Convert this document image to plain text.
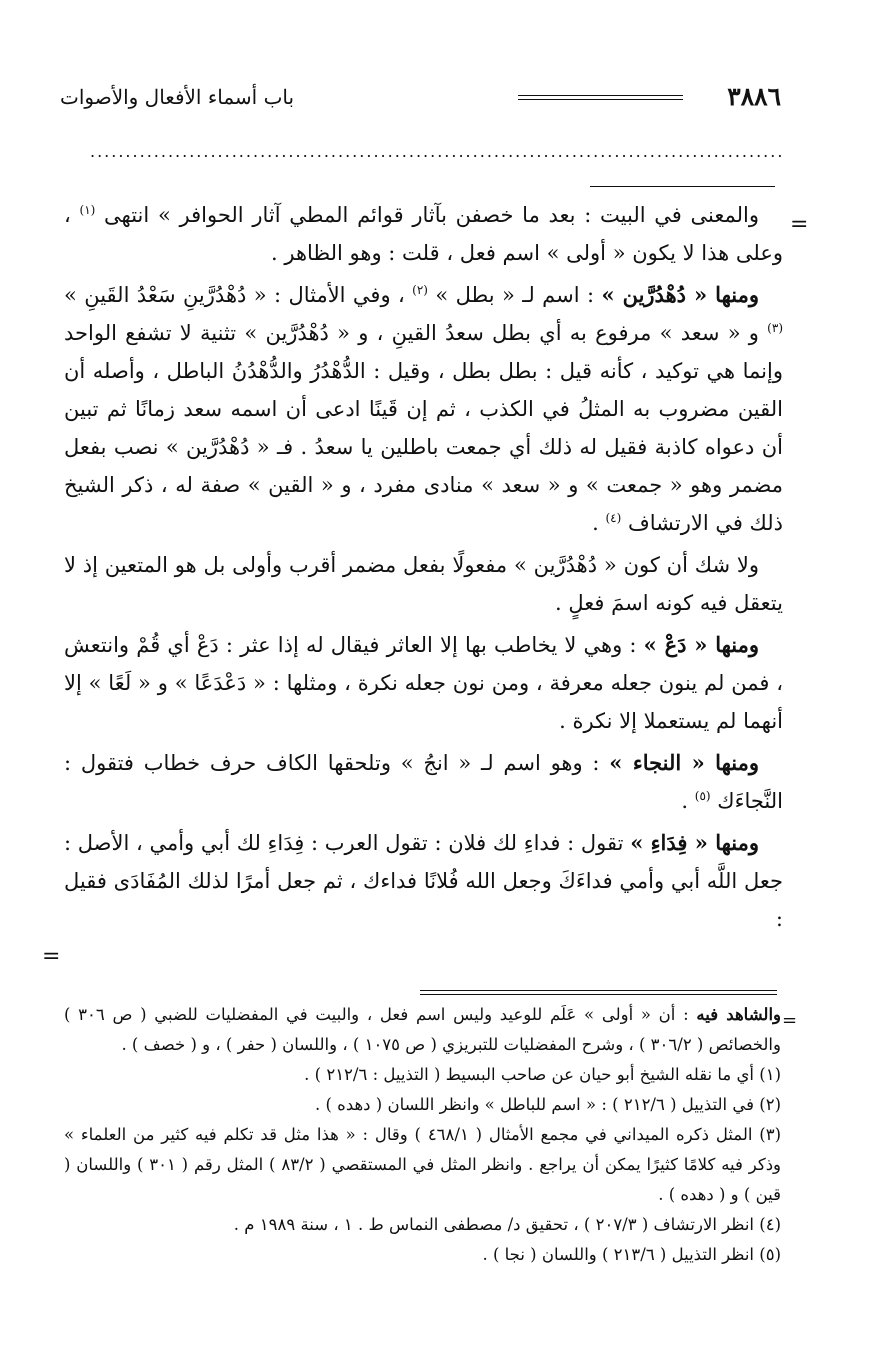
٣٨٨٦
باب أسماء الأفعال والأصوات
.....
=

والمعنى في البيت : بعد ما خصفن بآثار قوائم المطي آثار الحوافر » انتهى $^{(١)}$ ، وعلى هذا لا يكون « أولى » اسم فعل ، قلت : وهو الظاهر .

ومنها « دُهْدُرَّين » : اسم لـ « بطل » $^{(٢)}$ ، وفي الأمثال : « دُهْدُرَّينِ سَعْدُ القَينِ » $^{(٣)}$ و « سعد » مرفوع به أي بطل سعدُ القينِ ، و « دُهْدُرَّين » تثنية لا تشفع الواحد وإنما هي توكيد ، كأنه قيل : بطل بطل ، وقيل : الدُّهْدُرُ والدُّهْدُنُ الباطل ، وأصله أن القين مضروب به المثلُ في الكذب ، ثم إن قَينًا ادعى أن اسمه سعد زمانًا ثم تبين أن دعواه كاذبة فقيل له ذلك أي جمعت باطلين يا سعدُ . فـ « دُهْدُرَّين » نصب بفعل مضمر وهو « جمعت » و « سعد » منادى مفرد ، و « القين » صفة له ، ذكر الشيخ ذلك في الارتشاف $^{(٤)}$ .

ولا شك أن كون « دُهْدُرَّين » مفعولًا بفعل مضمر أقرب وأولى بل هو المتعين إذ لا يتعقل فيه كونه اسمَ فعلٍ .

ومنها « دَعْ » : وهي لا يخاطب بها إلا العاثر فيقال له إذا عثر : دَعْ أي قُمْ وانتعش ، فمن لم ينون جعله معرفة ، ومن نون جعله نكرة ، ومثلها : « دَعْدَعًا » و « لَعًا » إلا أنهما لم يستعملا إلا نكرة .

ومنها « النجاء » : وهو اسم لـ « انجُ » وتلحقها الكاف حرف خطاب فتقول : النَّجاءَك $^{(٥)}$ .

ومنها « فِدَاءِ » تقول : فداءِ لك فلان : تقول العرب : فِدَاءِ لك أبي وأمي ، الأصل : جعل اللَّه أبي وأمي فداءَكَ وجعل الله فُلانًا فداءك ، ثم جعل أمرًا لذلك المُفَادَى فقيل :

=
=

والشاهد فيه : أن « أولى » عَلَم للوعيد وليس اسم فعل ، والبيت في المفضليات للضبي ( ص ٣٠٦ ) والخصائص ( ٣٠٦/٢ ) ، وشرح المفضليات للتبريزي ( ص ١٠٧٥ ) ، واللسان ( حفر ) ، و ( خصف ) .

(١) أي ما نقله الشيخ أبو حيان عن صاحب البسيط ( التذييل : ٢١٢/٦ ) .

(٢) في التذييل ( ٢١٢/٦ ) : « اسم للباطل » وانظر اللسان ( دهده ) .

(٣) المثل ذكره الميداني في مجمع الأمثال ( ٤٦٨/١ ) وقال : « هذا مثل قد تكلم فيه كثير من العلماء » وذكر فيه كلامًا كثيرًا يمكن أن يراجع . وانظر المثل في المستقصي ( ٨٣/٢ ) المثل رقم ( ٣٠١ ) واللسان ( قين ) و ( دهده ) .

(٤) انظر الارتشاف ( ٢٠٧/٣ ) ، تحقيق د/ مصطفى النماس ط . ١ ، سنة ١٩٨٩ م .

(٥) انظر التذييل ( ٢١٣/٦ ) واللسان ( نجا ) .
